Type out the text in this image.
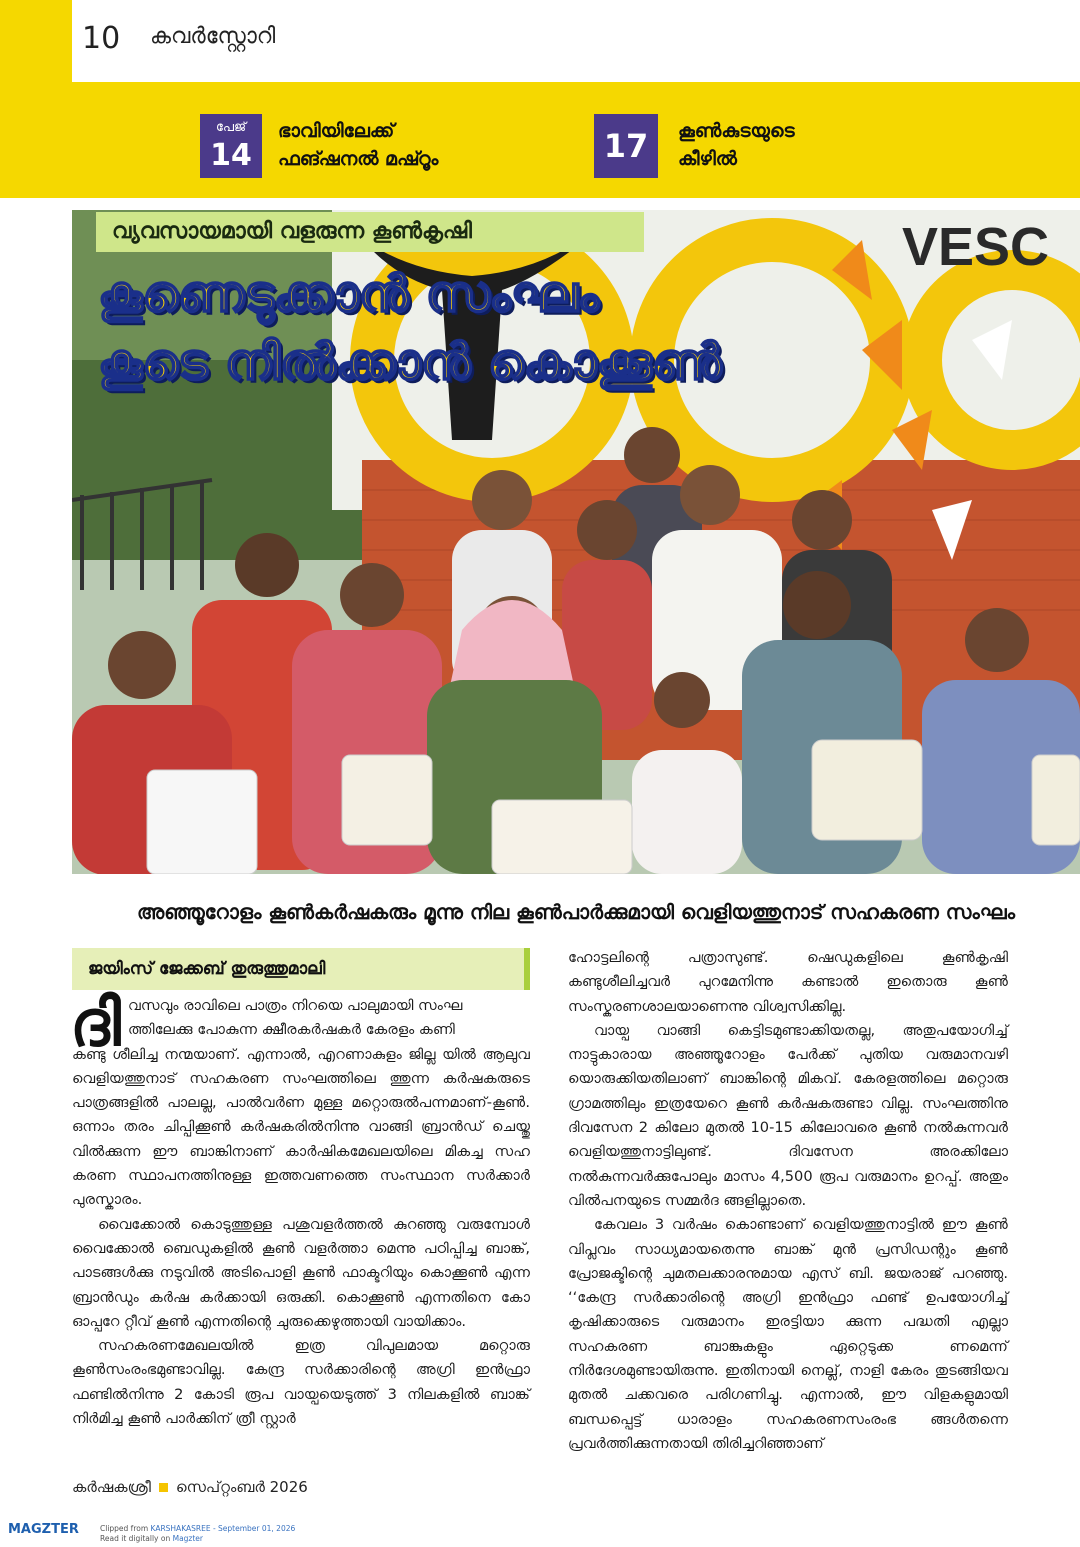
10	കവർസ്റ്റോറി
പേജ്
14
ഭാവിയിലേക്ക്
ഫങ്ഷനൽ മഷ്റൂം	17	കൂൺകുടയുടെ
കീഴിൽ
VESC
വ്യവസായമായി വളരുന്ന കൂൺകൃഷി
കൂണെടുക്കാൻ സംഘം
കൂടെ നിൽക്കാൻ കൊക്കൂൺ
അഞ്ഞൂറോളം കൂൺകർഷകരും മൂന്നു നില കൂൺപാർക്കുമായി വെളിയത്തുനാട് സഹകരണ സംഘം
ജയിംസ് ജേക്കബ് തുരുത്തുമാലി
ദി വസവും രാവിലെ പാത്രം നിറയെ പാലുമായി സംഘ
ത്തിലേക്കു പോകുന്ന ക്ഷീരകർഷകർ കേരളം കണി
കണ്ടു ശീലിച്ച നന്മയാണ്. എന്നാൽ, എറണാകുളം ജില്ല യിൽ ആലുവ വെളിയത്തുനാട് സഹകരണ സംഘത്തിലെ ത്തുന്ന കർഷകരുടെ പാത്രങ്ങളിൽ പാലല്ല, പാൽവർണ മുള്ള മറ്റൊരുൽപന്നമാണ്-കൂൺ. ഒന്നാം തരം ചിപ്പിക്കൂൺ കർഷകരിൽനിന്നു വാങ്ങി ബ്രാൻഡ് ചെയ്തു വിൽക്കുന്ന ഈ ബാങ്കിനാണ് കാർഷികമേഖലയിലെ മികച്ച സഹ കരണ സ്ഥാപനത്തിനുള്ള ഇത്തവണത്തെ സംസ്ഥാന സർക്കാർ പുരസ്കാരം.

വൈക്കോൽ കൊടുത്തുള്ള പശുവളർത്തൽ കുറഞ്ഞു വരുമ്പോൾ വൈക്കോൽ ബെഡുകളിൽ കൂൺ വളർത്താ മെന്നു പഠിപ്പിച്ച ബാങ്ക്, പാടങ്ങൾക്കു നടുവിൽ അടിപൊളി കൂൺ ഫാക്ടറിയും കൊക്കൂൺ എന്ന ബ്രാൻഡും കർഷ കർക്കായി ഒരുക്കി. കൊക്കൂൺ എന്നതിനെ കോ ഓപ്പറേ റ്റീവ് കൂൺ എന്നതിന്റെ ചുരുക്കെഴുത്തായി വായിക്കാം.

സഹകരണമേഖലയിൽ ഇത്ര വിപുലമായ മറ്റൊരു കൂൺസംരംഭമുണ്ടാവില്ല. കേന്ദ്ര സർക്കാരിന്റെ അഗ്രി ഇൻഫ്രാ ഫണ്ടിൽനിന്നു 2 കോടി രൂപ വായ്പയെടുത്ത് 3 നിലകളിൽ ബാങ്ക് നിർമിച്ച കൂൺ പാർക്കിന് ത്രീ സ്റ്റാർ

ഹോട്ടലിന്റെ പത്രാസുണ്ട്. ഷെഡുകളിലെ കൂൺകൃഷി കണ്ടുശീലിച്ചവർ പുറമേനിന്നു കണ്ടാൽ ഇതൊരു കൂൺ സംസ്കരണശാലയാണെന്നു വിശ്വസിക്കില്ല.

വായ്പ വാങ്ങി കെട്ടിടമുണ്ടാക്കിയതല്ല, അതുപയോഗിച്ച് നാട്ടുകാരായ അഞ്ഞൂറോളം പേർക്ക് പുതിയ വരുമാനവഴി യൊരുക്കിയതിലാണ് ബാങ്കിന്റെ മികവ്. കേരളത്തിലെ മറ്റൊരു ഗ്രാമത്തിലും ഇത്രയേറെ കൂൺ കർഷകരുണ്ടാ വില്ല. സംഘത്തിനു ദിവസേന 2 കിലോ മുതൽ 10-15 കിലോവരെ കൂൺ നൽകുന്നവർ വെളിയത്തുനാട്ടിലുണ്ട്. ദിവസേന അരക്കിലോ നൽകുന്നവർക്കുപോലും മാസം 4,500 രൂപ വരുമാനം ഉറപ്പ്. അതും വിൽപനയുടെ സമ്മർദ ങ്ങളില്ലാതെ.

കേവലം 3 വർഷം കൊണ്ടാണ് വെളിയത്തുനാട്ടിൽ ഈ കൂൺ വിപ്ലവം സാധ്യമായതെന്നു ബാങ്ക് മുൻ പ്രസിഡന്റും കൂൺ പ്രോജക്ടിന്റെ ചുമതലക്കാരനുമായ എസ് ബി. ജയരാജ് പറഞ്ഞു. ‘‘കേന്ദ്ര സർക്കാരിന്റെ അഗ്രി ഇൻഫ്രാ ഫണ്ട് ഉപയോഗിച്ച് കൃഷിക്കാരുടെ വരുമാനം ഇരട്ടിയാ ക്കുന്ന പദ്ധതി എല്ലാ സഹകരണ ബാങ്കുകളും ഏറ്റെടുക്ക ണമെന്ന് നിർദേശമുണ്ടായിരുന്നു. ഇതിനായി നെല്ല്, നാളി കേരം തുടങ്ങിയവ മുതൽ ചക്കവരെ പരിഗണിച്ചു. എന്നാൽ, ഈ വിളകളുമായി ബന്ധപ്പെട്ട് ധാരാളം സഹകരണസംരംഭ ങ്ങൾതന്നെ പ്രവർത്തിക്കുന്നതായി തിരിച്ചറിഞ്ഞാണ്

കർഷകശ്രീ സെപ്റ്റംബർ 2026
MAGZTER	Clipped from KARSHAKASREE - September 01, 2026
Read it digitally on Magzter
